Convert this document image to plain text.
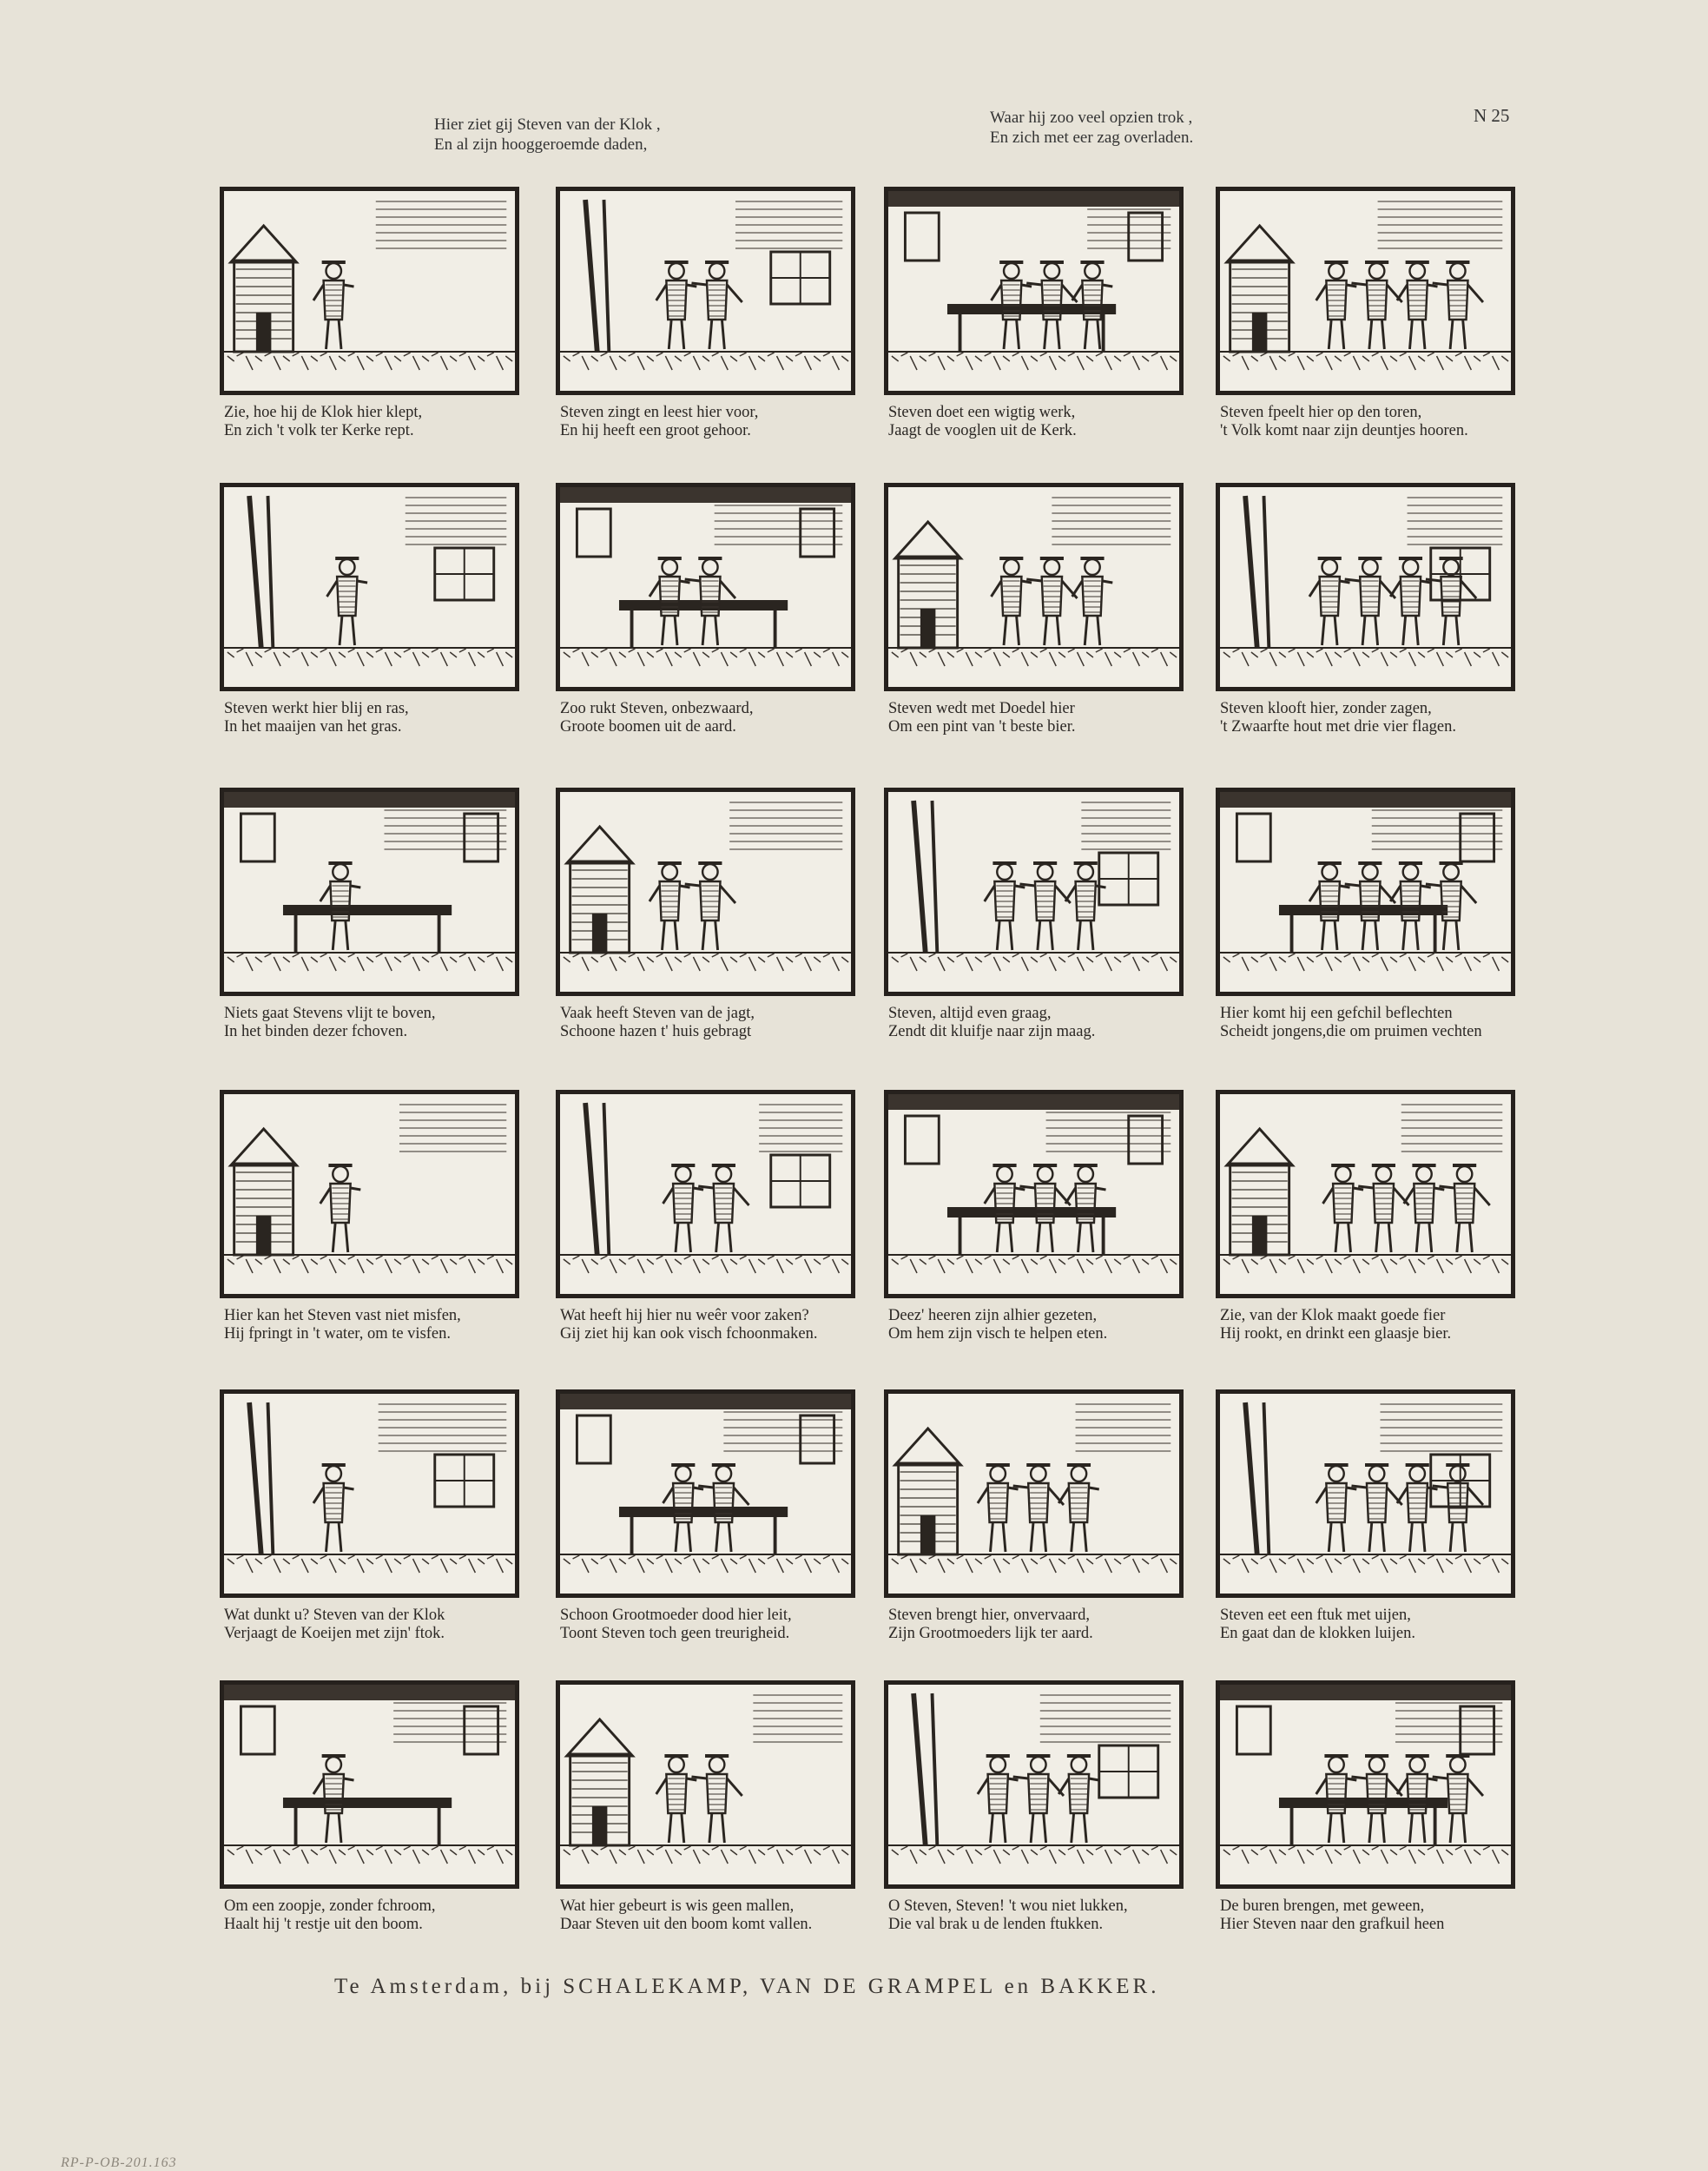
Hier ziet gij Steven van der Klok ,
En al zijn hooggeroemde daden,
Waar hij zoo veel opzien trok ,
En zich met eer zag overladen.
N 25
Zie, hoe hij de Klok hier klept,
En zich 't volk ter Kerke rept.
Steven zingt en leest hier voor,
En hij heeft een groot gehoor.
Steven doet een wigtig werk,
Jaagt de vooglen uit de Kerk.
Steven fpeelt hier op den toren,
't Volk komt naar zijn deuntjes hooren.
Steven werkt hier blij en ras,
In het maaijen van het gras.
Zoo rukt Steven, onbezwaard,
Groote boomen uit de aard.
Steven wedt met Doedel hier
Om een pint van 't beste bier.
Steven klooft hier, zonder zagen,
't Zwaarfte hout met drie vier flagen.
Niets gaat Stevens vlijt te boven,
In het binden dezer fchoven.
Vaak heeft Steven van de jagt,
Schoone hazen t' huis gebragt
Steven, altijd even graag,
Zendt dit kluifje naar zijn maag.
Hier komt hij een gefchil beflechten
Scheidt jongens,die om pruimen vechten
Hier kan het Steven vast niet misfen,
Hij fpringt in 't water, om te visfen.
Wat heeft hij hier nu weêr voor zaken?
Gij ziet hij kan ook visch fchoonmaken.
Deez' heeren zijn alhier gezeten,
Om hem zijn visch te helpen eten.
Zie, van der Klok maakt goede fier
Hij rookt, en drinkt een glaasje bier.
Wat dunkt u? Steven van der Klok
Verjaagt de Koeijen met zijn' ftok.
Schoon Grootmoeder dood hier leit,
Toont Steven toch geen treurigheid.
Steven brengt hier, onvervaard,
Zijn Grootmoeders lijk ter aard.
Steven eet een ftuk met uijen,
En gaat dan de klokken luijen.
Om een zoopje, zonder fchroom,
Haalt hij 't restje uit den boom.
Wat hier gebeurt is wis geen mallen,
Daar Steven uit den boom komt vallen.
O Steven, Steven! 't wou niet lukken,
Die val brak u de lenden ftukken.
De buren brengen, met geween,
Hier Steven naar den grafkuil heen
Te Amsterdam, bij SCHALEKAMP, VAN DE GRAMPEL en BAKKER.
RP-P-OB-201.163
